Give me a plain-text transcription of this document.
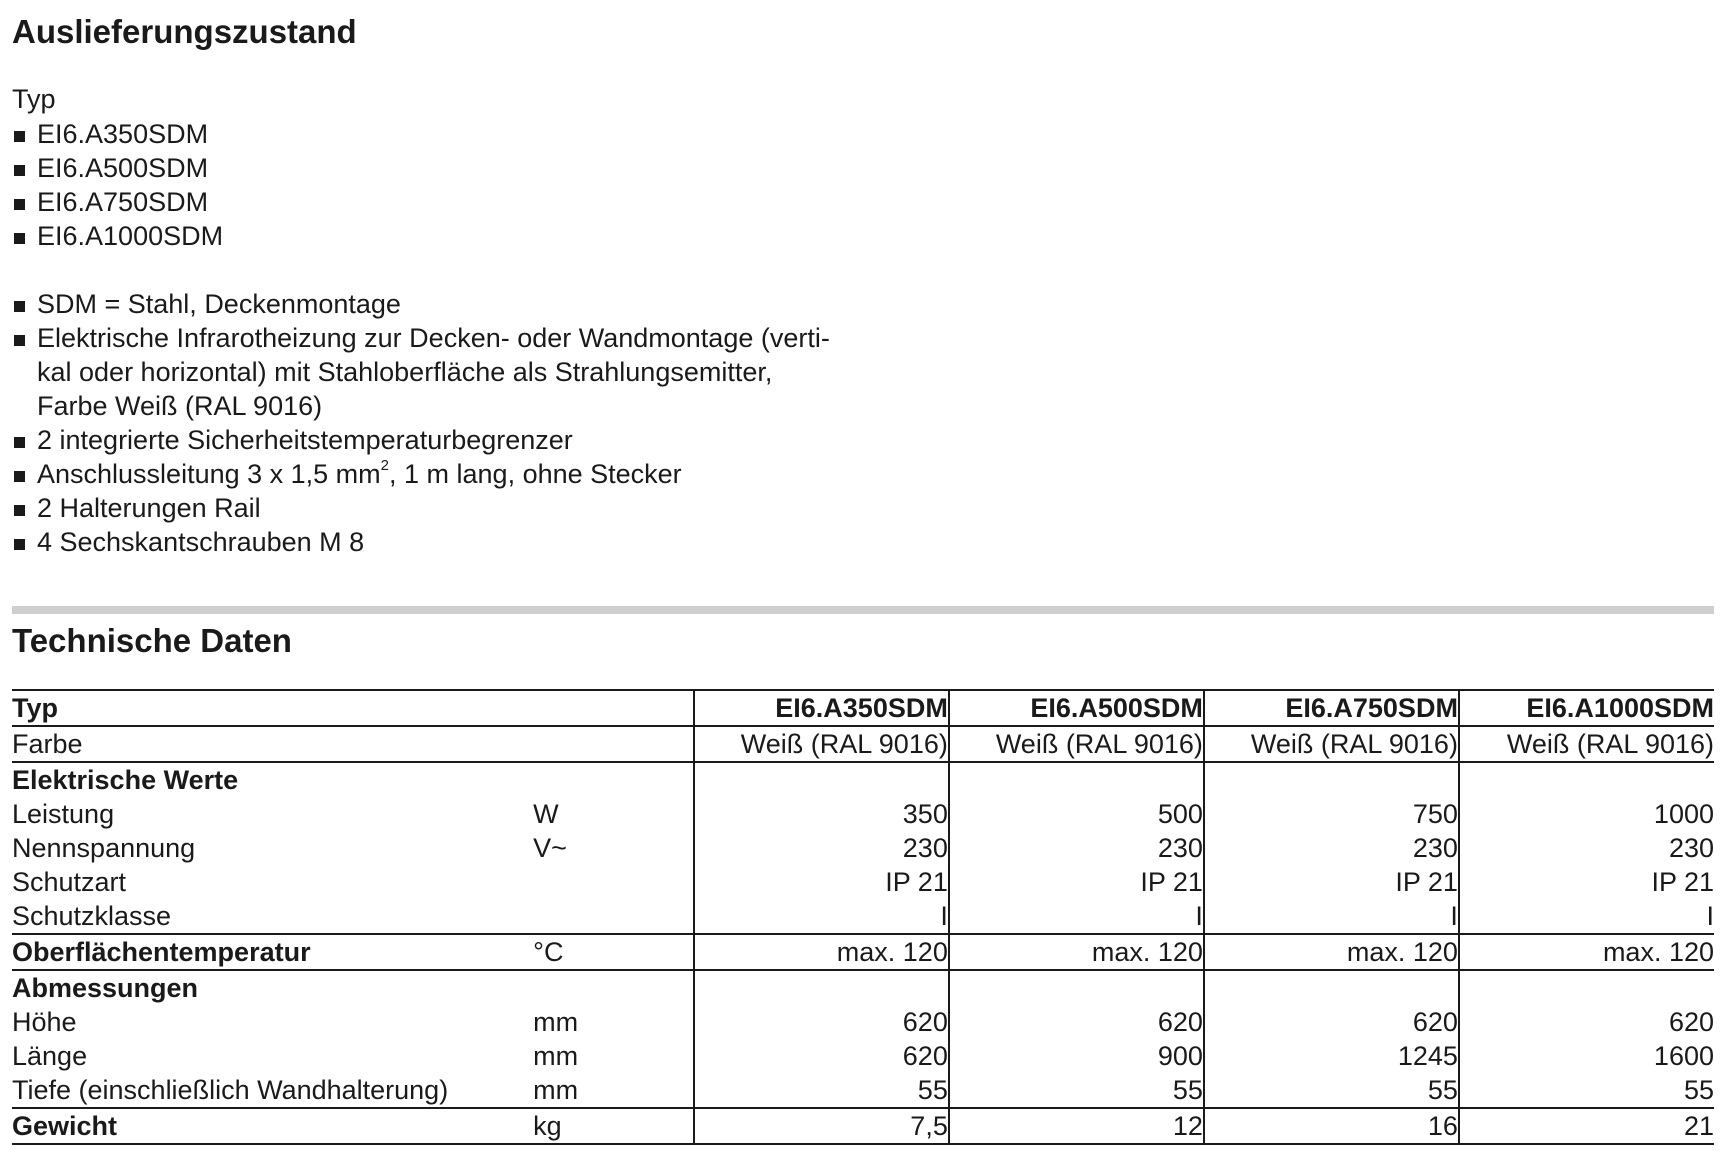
Auslieferungszustand
Typ
EI6.A350SDM
EI6.A500SDM
EI6.A750SDM
EI6.A1000SDM
SDM = Stahl, Deckenmontage
Elektrische Infrarotheizung zur Decken- oder Wandmontage (verti-
kal oder horizontal) mit Stahloberfläche als Strahlungsemitter,
Farbe Weiß (RAL 9016)
2 integrierte Sicherheitstemperaturbegrenzer
Anschlussleitung 3 x 1,5 $mm^2$, 1 m lang, ohne Stecker
2 Halterungen Rail
4 Sechskantschrauben M 8
Technische Daten
Typ		EI6.A350SDM	EI6.A500SDM	EI6.A750SDM	EI6.A1000SDM
Farbe		Weiß (RAL 9016)	Weiß (RAL 9016)	Weiß (RAL 9016)	Weiß (RAL 9016)
Elektrische Werte					
Leistung	W	350	500	750	1000
Nennspannung	V~	230	230	230	230
Schutzart		IP 21	IP 21	IP 21	IP 21
Schutzklasse		I	I	I	I
Oberflächentemperatur	°C	max. 120	max. 120	max. 120	max. 120
Abmessungen					
Höhe	mm	620	620	620	620
Länge	mm	620	900	1245	1600
Tiefe (einschließlich Wandhalterung)	mm	55	55	55	55
Gewicht	kg	7,5	12	16	21
